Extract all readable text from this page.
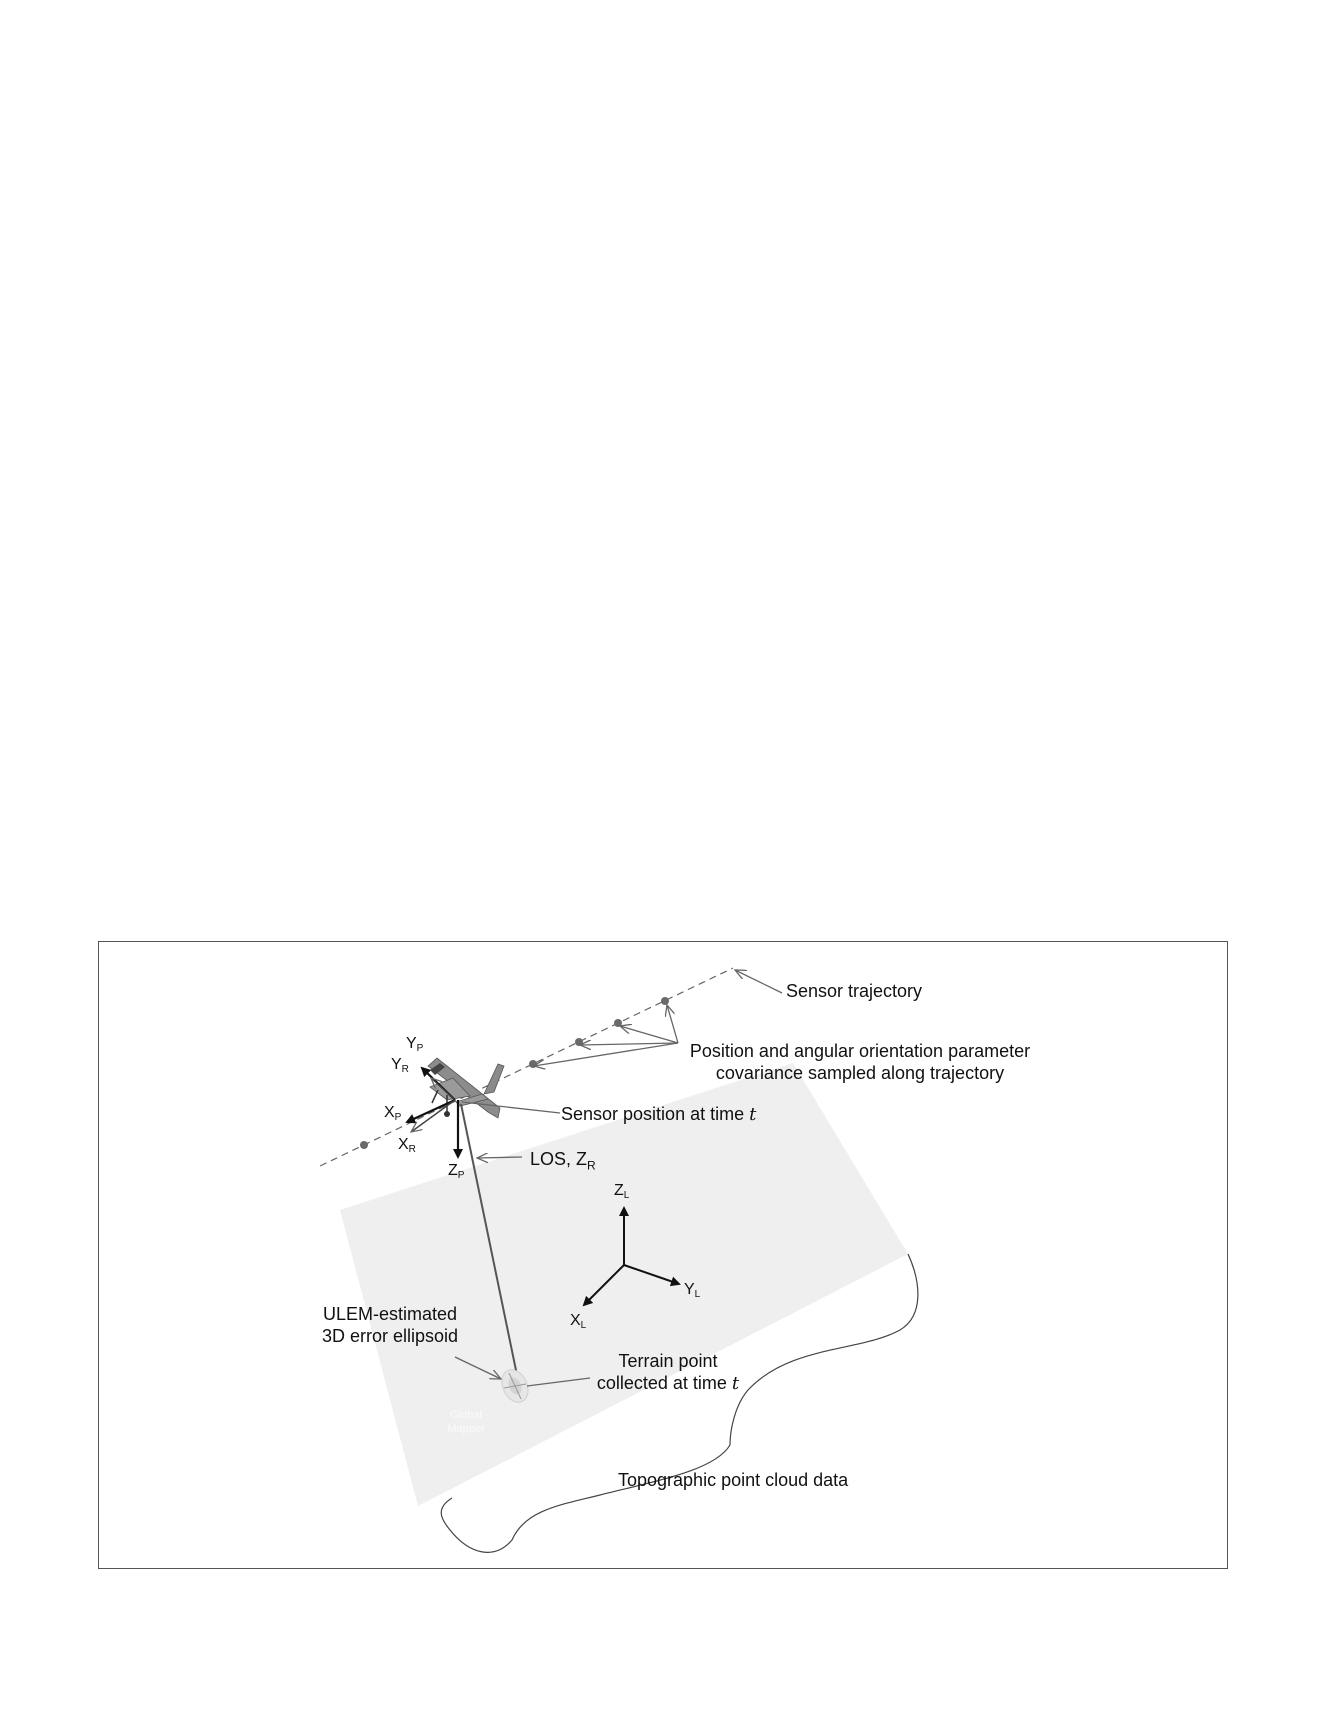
Sensor trajectory
Position and angular orientation parameter
covariance sampled along trajectory
Sensor position at time t
LOS, $Z_R$
ULEM-estimated
3D error ellipsoid
Terrain point
collected at time t
Topographic point cloud data
$Y_P$
$Y_R$
$X_P$
$X_R$
$Z_P$
$Z_L$
$Y_L$
$X_L$
Global
Mapper
